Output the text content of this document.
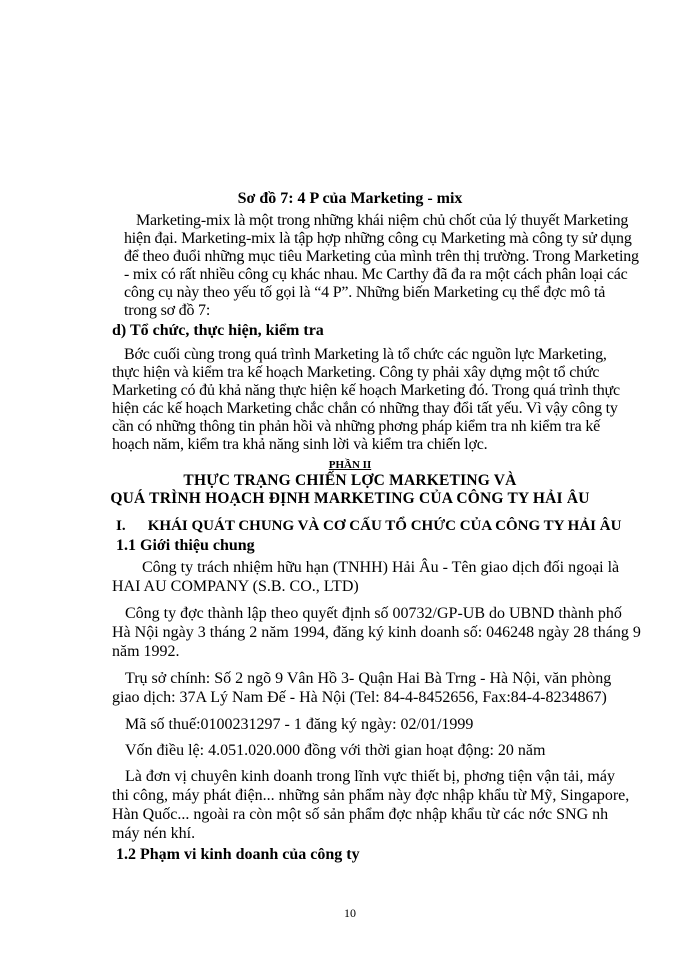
Sơ đồ 7: 4 P của Marketing - mix
Marketing-mix là một trong những khái niệm chủ chốt của lý thuyết Marketing
hiện đại. Marketing-mix là tập hợp những công cụ Marketing mà công ty sử dụng
để theo đuổi những mục tiêu Marketing của mình trên thị trường. Trong Marketing
- mix có rất nhiều công cụ khác nhau. Mc Carthy đã đa ra một cách phân loại các
công cụ này theo yếu tố gọi là “4 P”. Những biến Marketing cụ thể đợc mô tả
trong sơ đồ 7:
d) Tổ chức, thực hiện, kiểm tra
Bớc cuối cùng trong quá trình Marketing là tổ chức các nguồn lực Marketing,
thực hiện và kiểm tra kế hoạch Marketing. Công ty phải xây dựng một tổ chức
Marketing có đủ khả năng thực hiện kế hoạch Marketing đó. Trong quá trình thực
hiện các kế hoạch Marketing chắc chắn có những thay đổi tất yếu. Vì vậy công ty
cần có những thông tin phản hồi và những phơng pháp kiểm tra nh kiểm tra kế
hoạch năm, kiểm tra khả năng sinh lời và kiểm tra chiến lợc.
PHẦN II
THỰC TRẠNG CHIẾN LỢC MARKETING VÀ
QUÁ TRÌNH HOẠCH ĐỊNH MARKETING CỦA CÔNG TY HẢI ÂU
I. KHÁI QUÁT CHUNG VÀ CƠ CẤU TỔ CHỨC CỦA CÔNG TY HẢI ÂU
1.1 Giới thiệu chung
Công ty trách nhiệm hữu hạn (TNHH) Hải Âu - Tên giao dịch đối ngoại là
HAI AU COMPANY (S.B. CO., LTD)
Công ty đợc thành lập theo quyết định số 00732/GP-UB do UBND thành phố
Hà Nội ngày 3 tháng 2 năm 1994, đăng ký kinh doanh số: 046248 ngày 28 tháng 9
năm 1992.
Trụ sở chính: Số 2 ngõ 9 Vân Hồ 3- Quận Hai Bà Trng - Hà Nội, văn phòng
giao dịch: 37A Lý Nam Đế - Hà Nội (Tel: 84-4-8452656, Fax:84-4-8234867)
Mã số thuế:0100231297 - 1 đăng ký ngày: 02/01/1999
Vốn điều lệ: 4.051.020.000 đồng với thời gian hoạt động: 20 năm
Là đơn vị chuyên kinh doanh trong lĩnh vực thiết bị, phơng tiện vận tải, máy
thi công, máy phát điện... những sản phẩm này đợc nhập khẩu từ Mỹ, Singapore,
Hàn Quốc... ngoài ra còn một số sản phẩm đợc nhập khẩu từ các nớc SNG nh
máy nén khí.
1.2 Phạm vi kinh doanh của công ty
10
